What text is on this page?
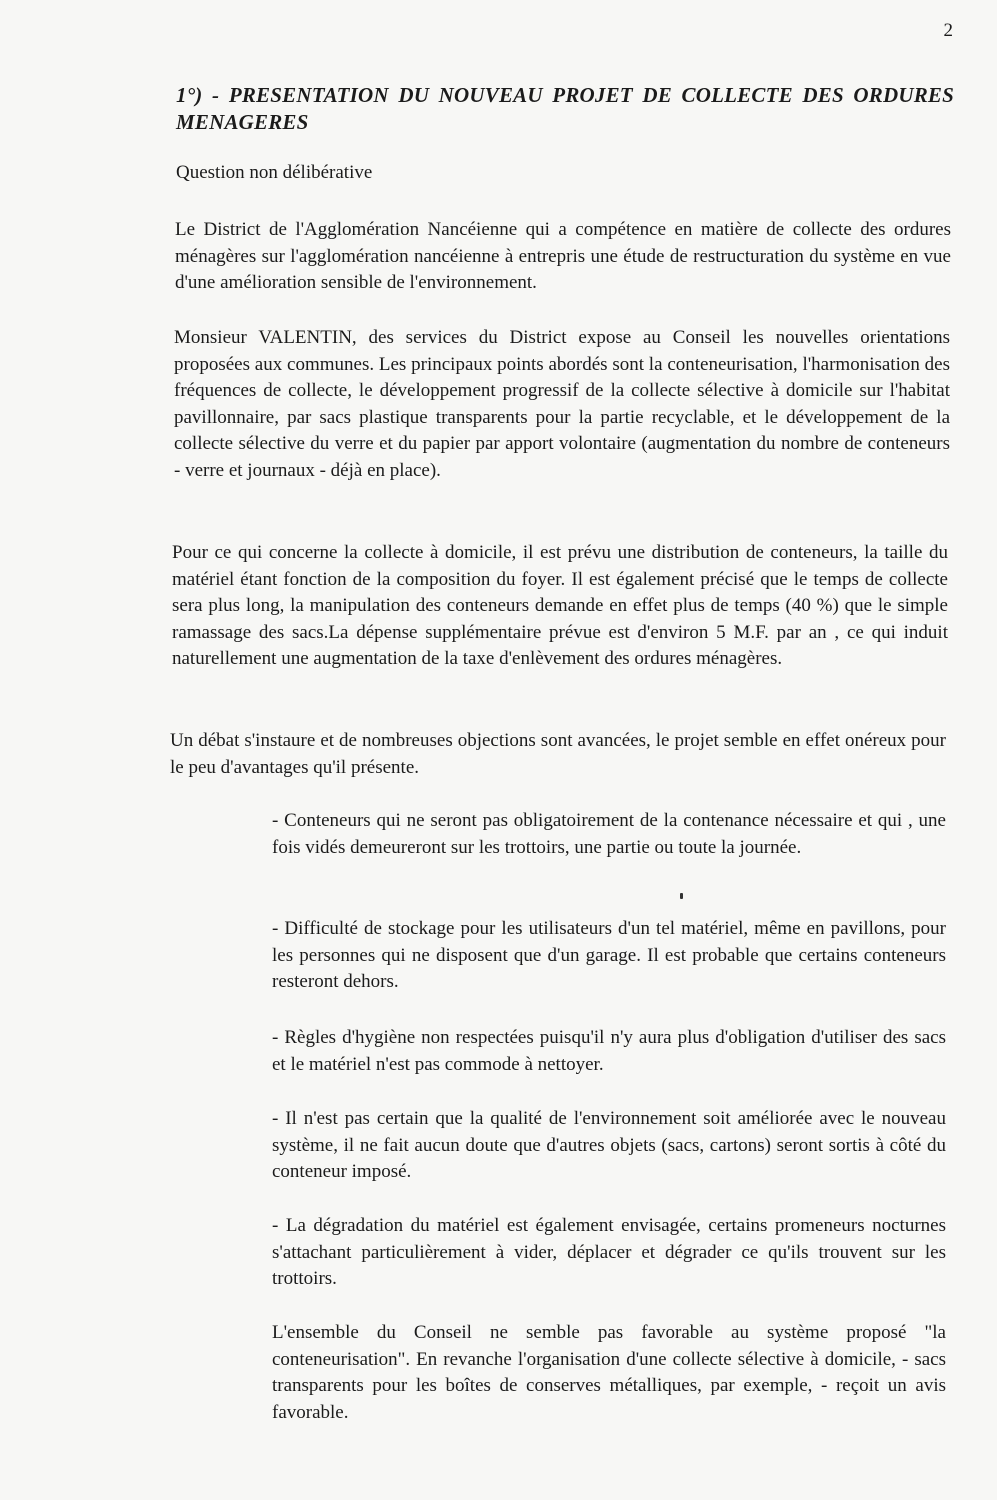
2
1°) - PRESENTATION DU NOUVEAU PROJET DE COLLECTE DES ORDURES MENAGERES
Question non délibérative

Le District de l'Agglomération Nancéienne qui a compétence en matière de collecte des ordures ménagères sur l'agglomération nancéienne à entrepris une étude de restructuration du système en vue d'une amélioration sensible de l'environnement.

Monsieur VALENTIN, des services du District expose au Conseil les nouvelles orientations proposées aux communes. Les principaux points abordés sont la conteneurisation, l'harmonisation des fréquences de collecte, le développement progressif de la collecte sélective à domicile sur l'habitat pavillonnaire, par sacs plastique transparents pour la partie recyclable, et le développement de la collecte sélective du verre et du papier par apport volontaire (augmentation du nombre de conteneurs - verre et journaux - déjà en place).

Pour ce qui concerne la collecte à domicile, il est prévu une distribution de conteneurs, la taille du matériel étant fonction de la composition du foyer. Il est également précisé que le temps de collecte sera plus long, la manipulation des conteneurs demande en effet plus de temps (40 %) que le simple ramassage des sacs.La dépense supplémentaire prévue est d'environ 5 M.F. par an , ce qui induit naturellement une augmentation de la taxe d'enlèvement des ordures ménagères.

Un débat s'instaure et de nombreuses objections sont avancées, le projet semble en effet onéreux pour le peu d'avantages qu'il présente.

- Conteneurs qui ne seront pas obligatoirement de la contenance nécessaire et qui , une fois vidés demeureront sur les trottoirs, une partie ou toute la journée.

- Difficulté de stockage pour les utilisateurs d'un tel matériel, même en pavillons, pour les personnes qui ne disposent que d'un garage. Il est probable que certains conteneurs resteront dehors.

- Règles d'hygiène non respectées puisqu'il n'y aura plus d'obligation d'utiliser des sacs et le matériel n'est pas commode à nettoyer.

- Il n'est pas certain que la qualité de l'environnement soit améliorée avec le nouveau système, il ne fait aucun doute que d'autres objets (sacs, cartons) seront sortis à côté du conteneur imposé.

- La dégradation du matériel est également envisagée, certains promeneurs nocturnes s'attachant particulièrement à vider, déplacer et dégrader ce qu'ils trouvent sur les trottoirs.

L'ensemble du Conseil ne semble pas favorable au système proposé "la conteneurisation". En revanche l'organisation d'une collecte sélective à domicile, - sacs transparents pour les boîtes de conserves métalliques, par exemple, - reçoit un avis favorable.
